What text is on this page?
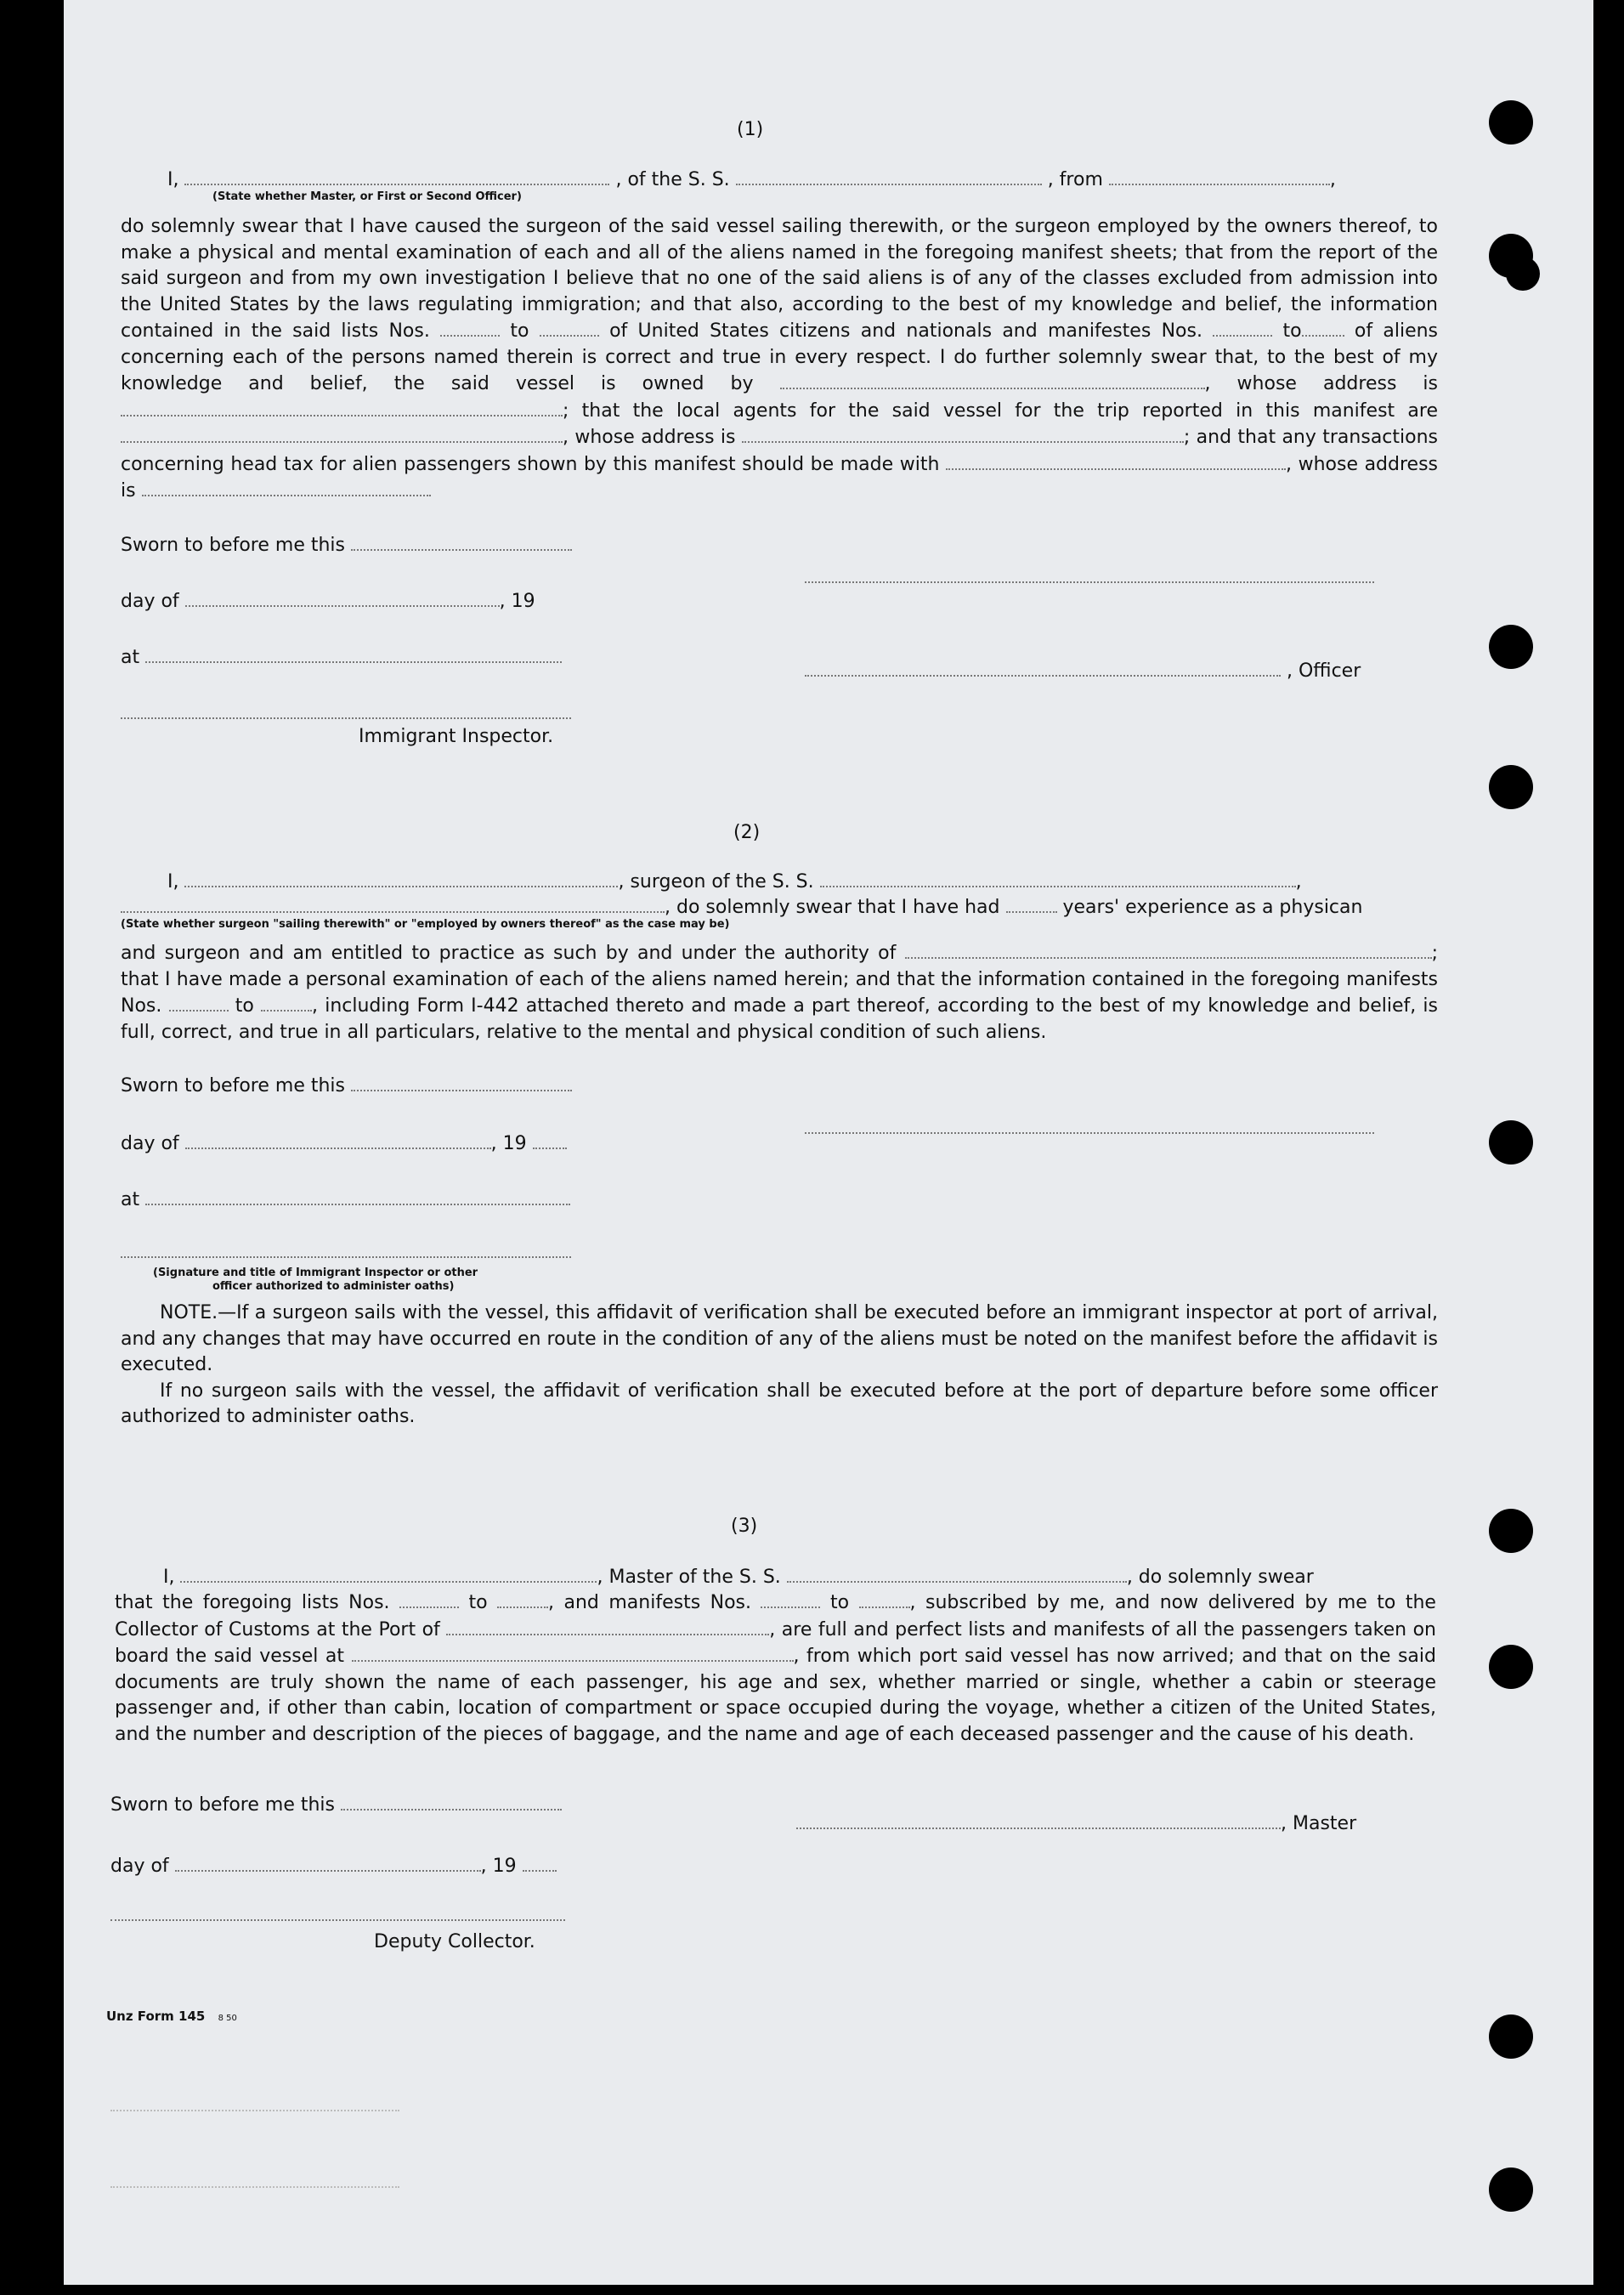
(1)
I,	, of the S. S.	, from	,
(State whether Master, or First or Second Officer)

do solemnly swear that I have caused the surgeon of the said vessel sailing therewith, or the surgeon employed by the owners thereof, to make a physical and mental examination of each and all of the aliens named in the foregoing manifest sheets; that from the report of the said surgeon and from my own investigation I believe that no one of the said aliens is of any of the classes excluded from admission into the United States by the laws regulating immigration; and that also, according to the best of my knowledge and belief, the information contained in the said lists Nos.	to	of United States citizens and nationals and manifestes Nos.	to	of aliens concerning each of the persons named therein is correct and true in every respect. I do further solemnly swear that, to the best of my knowledge and belief, the said vessel is owned by	, whose address is ; that the local agents for the said vessel for the trip reported in this manifest are , whose address is	; and that any transactions concerning head tax for alien passengers shown by this manifest should be made with	, whose address is

Sworn to before me this
day of	, 19
at
, Officer
Immigrant Inspector.
(2)
I,	, surgeon of the S. S.	,
, do solemnly swear that I have had	years' experience as a physican
(State whether surgeon "sailing therewith" or "employed by owners thereof" as the case may be)

and surgeon and am entitled to practice as such by and under the authority of	; that I have made a personal examination of each of the aliens named herein; and that the information contained in the foregoing manifests Nos.	to	, including Form I-442 attached thereto and made a part thereof, according to the best of my knowledge and belief, is full, correct, and true in all particulars, relative to the mental and physical condition of such aliens.

Sworn to before me this
day of	, 19
at
(Signature and title of Immigrant Inspector or other
officer authorized to administer oaths)

NOTE.—If a surgeon sails with the vessel, this affidavit of verification shall be executed before an immigrant inspector at port of arrival, and any changes that may have occurred en route in the condition of any of the aliens must be noted on the manifest before the affidavit is executed.

If no surgeon sails with the vessel, the affidavit of verification shall be executed before at the port of departure before some officer authorized to administer oaths.

(3)
I,	, Master of the S. S.	, do solemnly swear

that the foregoing lists Nos.	to	, and manifests Nos.	to	, subscribed by me, and now delivered by me to the Collector of Customs at the Port of	, are full and perfect lists and manifests of all the passengers taken on board the said vessel at	, from which port said vessel has now arrived; and that on the said documents are truly shown the name of each passenger, his age and sex, whether married or single, whether a cabin or steerage passenger and, if other than cabin, location of compartment or space occupied during the voyage, whether a citizen of the United States, and the number and description of the pieces of baggage, and the name and age of each deceased passenger and the cause of his death.

Sworn to before me this
, Master
day of	, 19
Deputy Collector.
Unz Form 145 8 50
